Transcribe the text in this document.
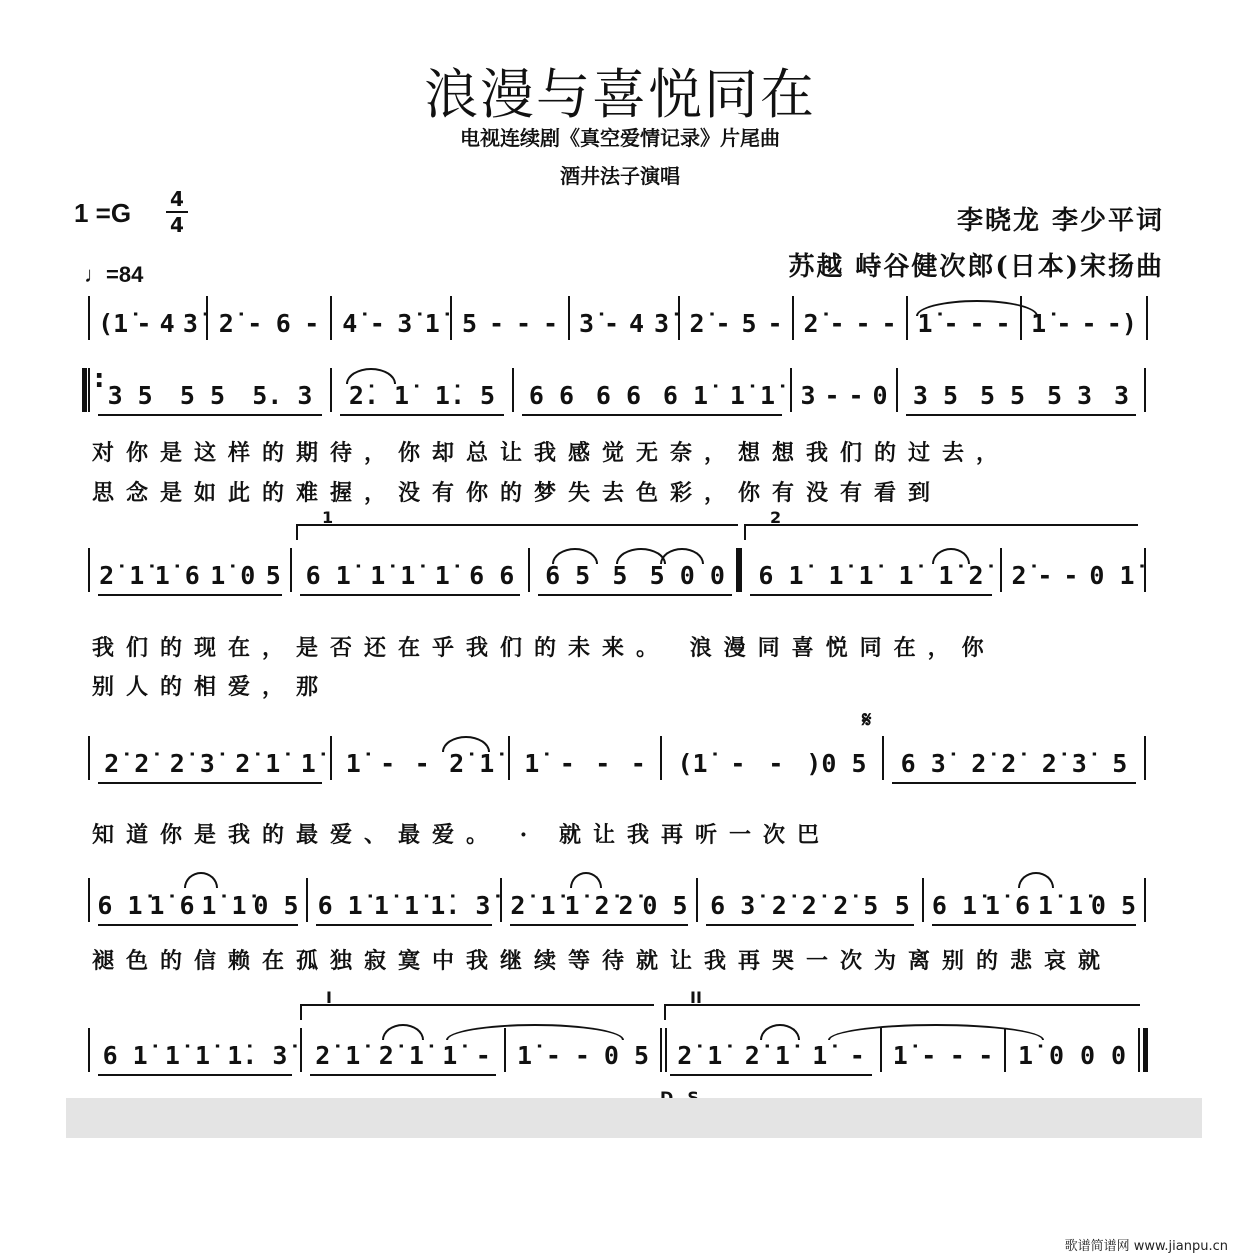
浪漫与喜悦同在
电视连续剧《真空爱情记录》片尾曲
酒井法子演唱
1 =G 4
4
♩=84
李晓龙 李少平词
苏越 峙谷健次郎(日本)宋扬曲
(1̇ - 4 3̇ 2̇ - 6 - 4̇ - 3̇ 1̇ 5 - - - 3̇ - 4 3̇ 2̇ - 5 - 2̇ - - - 1̇ - - - 1̇ - - -)
:
3 5 5 5 5. 3 2̇. 1̇ 1̇. 5 6 6 6 6 6 1̇ 1̇ 1̇ 3 - - 0 3 5 5 5 5 3 3
对你是这样的期待，你却总让我感觉无奈，想想我们的过去，
思念是如此的难握，没有你的梦失去色彩，你有没有看到
2̇ 1̇ 1̇ 6 1̇ 0 5 6 1̇ 1̇ 1̇ 1̇ 6 6 6 5 5 5 0 0 6 1̇ 1̇ 1̇ 1̇ 1̇ 2̇ 2̇ - - 0 1̇
1	2
我们的现在，是否还在乎我们的未来。 浪漫同喜悦同在，你
别人的相爱，那
2̇ 2̇ 2̇ 3̇ 2̇ 1̇ 1̇ 1̇ - - 2̇ 1̇ 1̇ - - - (1̇ - - )0 5 6 3̇ 2̇ 2̇ 2̇ 3̇ 5
𝄋
知道你是我的最爱、最爱。 · 就让我再听一次巴
6 1̇ 1̇ 6 1̇ 1̇ 0 5 6 1̇ 1̇ 1̇ 1̇. 3̇ 2̇ 1̇ 1̇ 2̇ 2̇ 0 5 6 3̇ 2̇ 2̇ 2̇ 5 5 6 1̇ 1̇ 6 1̇ 1̇ 0 5
褪色的信赖在孤独寂寞中我继续等待就让我再哭一次为离别的悲哀就
6 1̇ 1̇ 1̇ 1̇. 3̇ 2̇ 1̇ 2̇ 1̇ 1̇ - 1̇ - - 0 5 2̇ 1̇ 2̇ 1̇ 1̇ - 1̇ - - - 1̇ 0 0 0
I	II
歌谱简谱网 www.jianpu.cn
